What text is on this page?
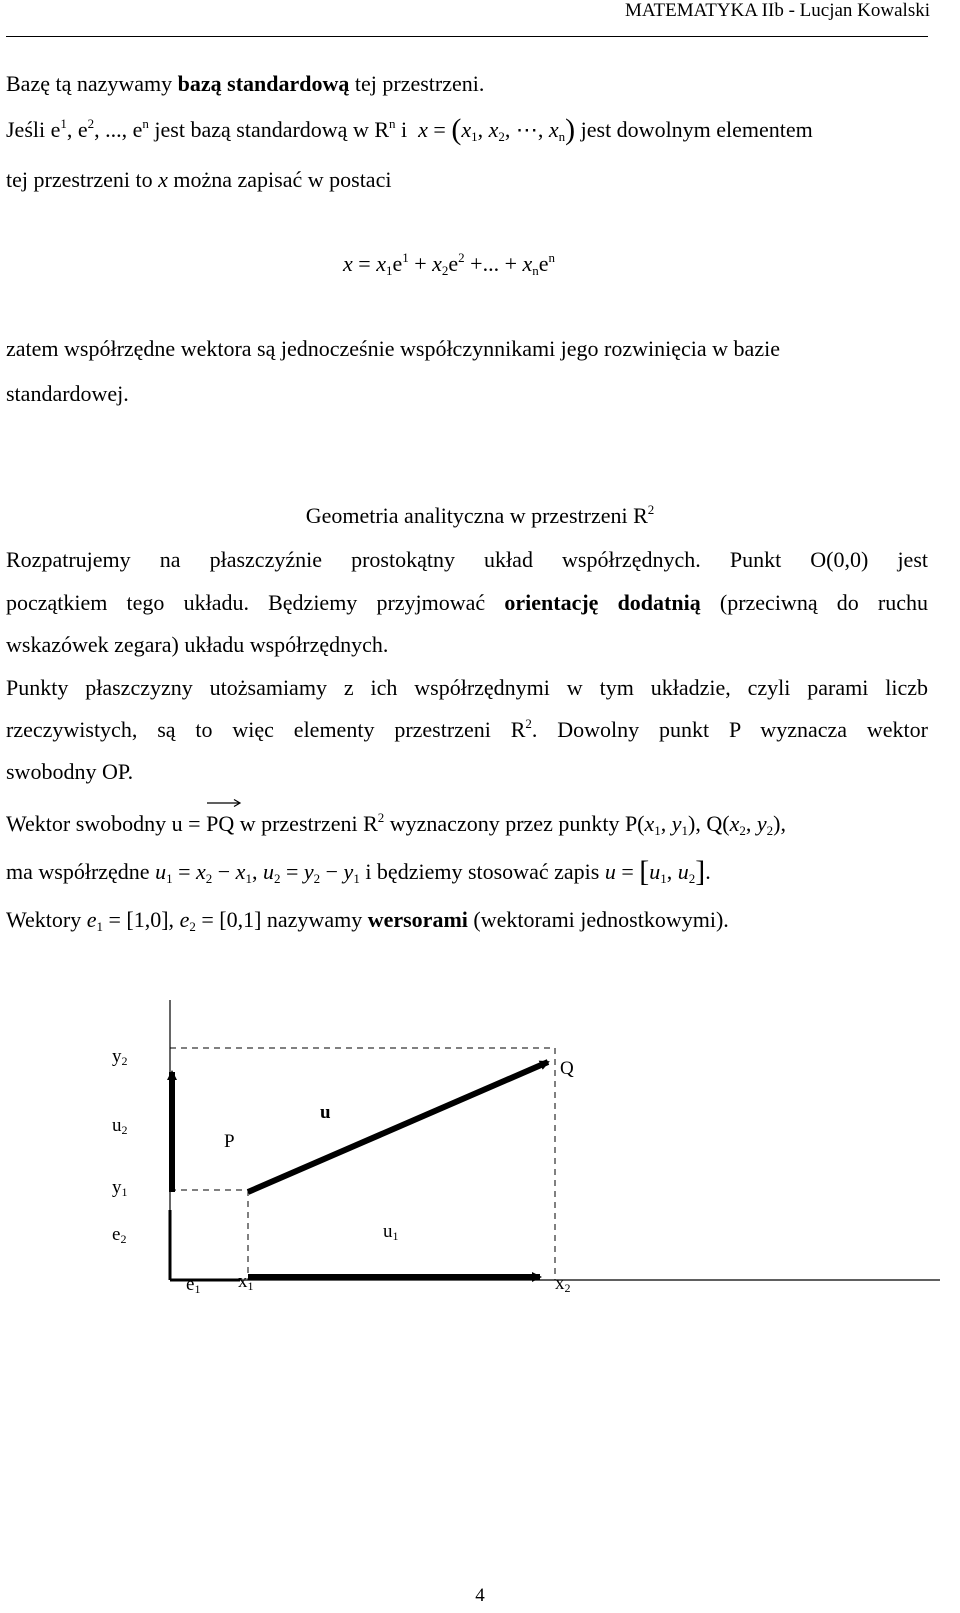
MATEMATYKA IIb - Lucjan Kowalski
Bazę tą nazywamy bazą standardową tej przestrzeni.
Jeśli $e^1$, $e^2$, ..., $e^n$ jest bazą standardową w $R^n$ i  $x = (x_1$, $x_2$, ⋯, $x_n$) jest dowolnym elementem
tej przestrzeni to x można zapisać w postaci
$x = x_1e^1 + x_2e^2$ +... + $x_ne^n$
zatem współrzędne wektora są jednocześnie współczynnikami jego rozwinięcia w bazie
standardowej.
Geometria analityczna w przestrzeni $R^2$
Rozpatrujemy na płaszczyźnie prostokątny układ współrzędnych. Punkt O(0,0) jest
początkiem tego układu. Będziemy przyjmować orientację dodatnią (przeciwną do ruchu
wskazówek zegara) układu współrzędnych.
Punkty płaszczyzny utożsamiamy z ich współrzędnymi w tym układzie, czyli parami liczb
rzeczywistych, są to więc elementy przestrzeni $R^2$. Dowolny punkt P wyznacza wektor
swobodny OP.
Wektor swobodny u =
PQ w przestrzeni $R^2$ wyznaczony przez punkty $P(x_1$, $y_1$), $Q(x_2$, $y_2$),
ma współrzędne $u_1 = x_2 - x_1$, $u_2 = y_2 - y_1$ i będziemy stosować zapis $u = [u_1$, $u_2$].
Wektory $e_1 = [1,0]$, $e_2 = [0,1]$ nazywamy wersorami (wektorami jednostkowymi).
y2
u2
y1
e2
e1 x1	x2
u1
P
Q
u
4
